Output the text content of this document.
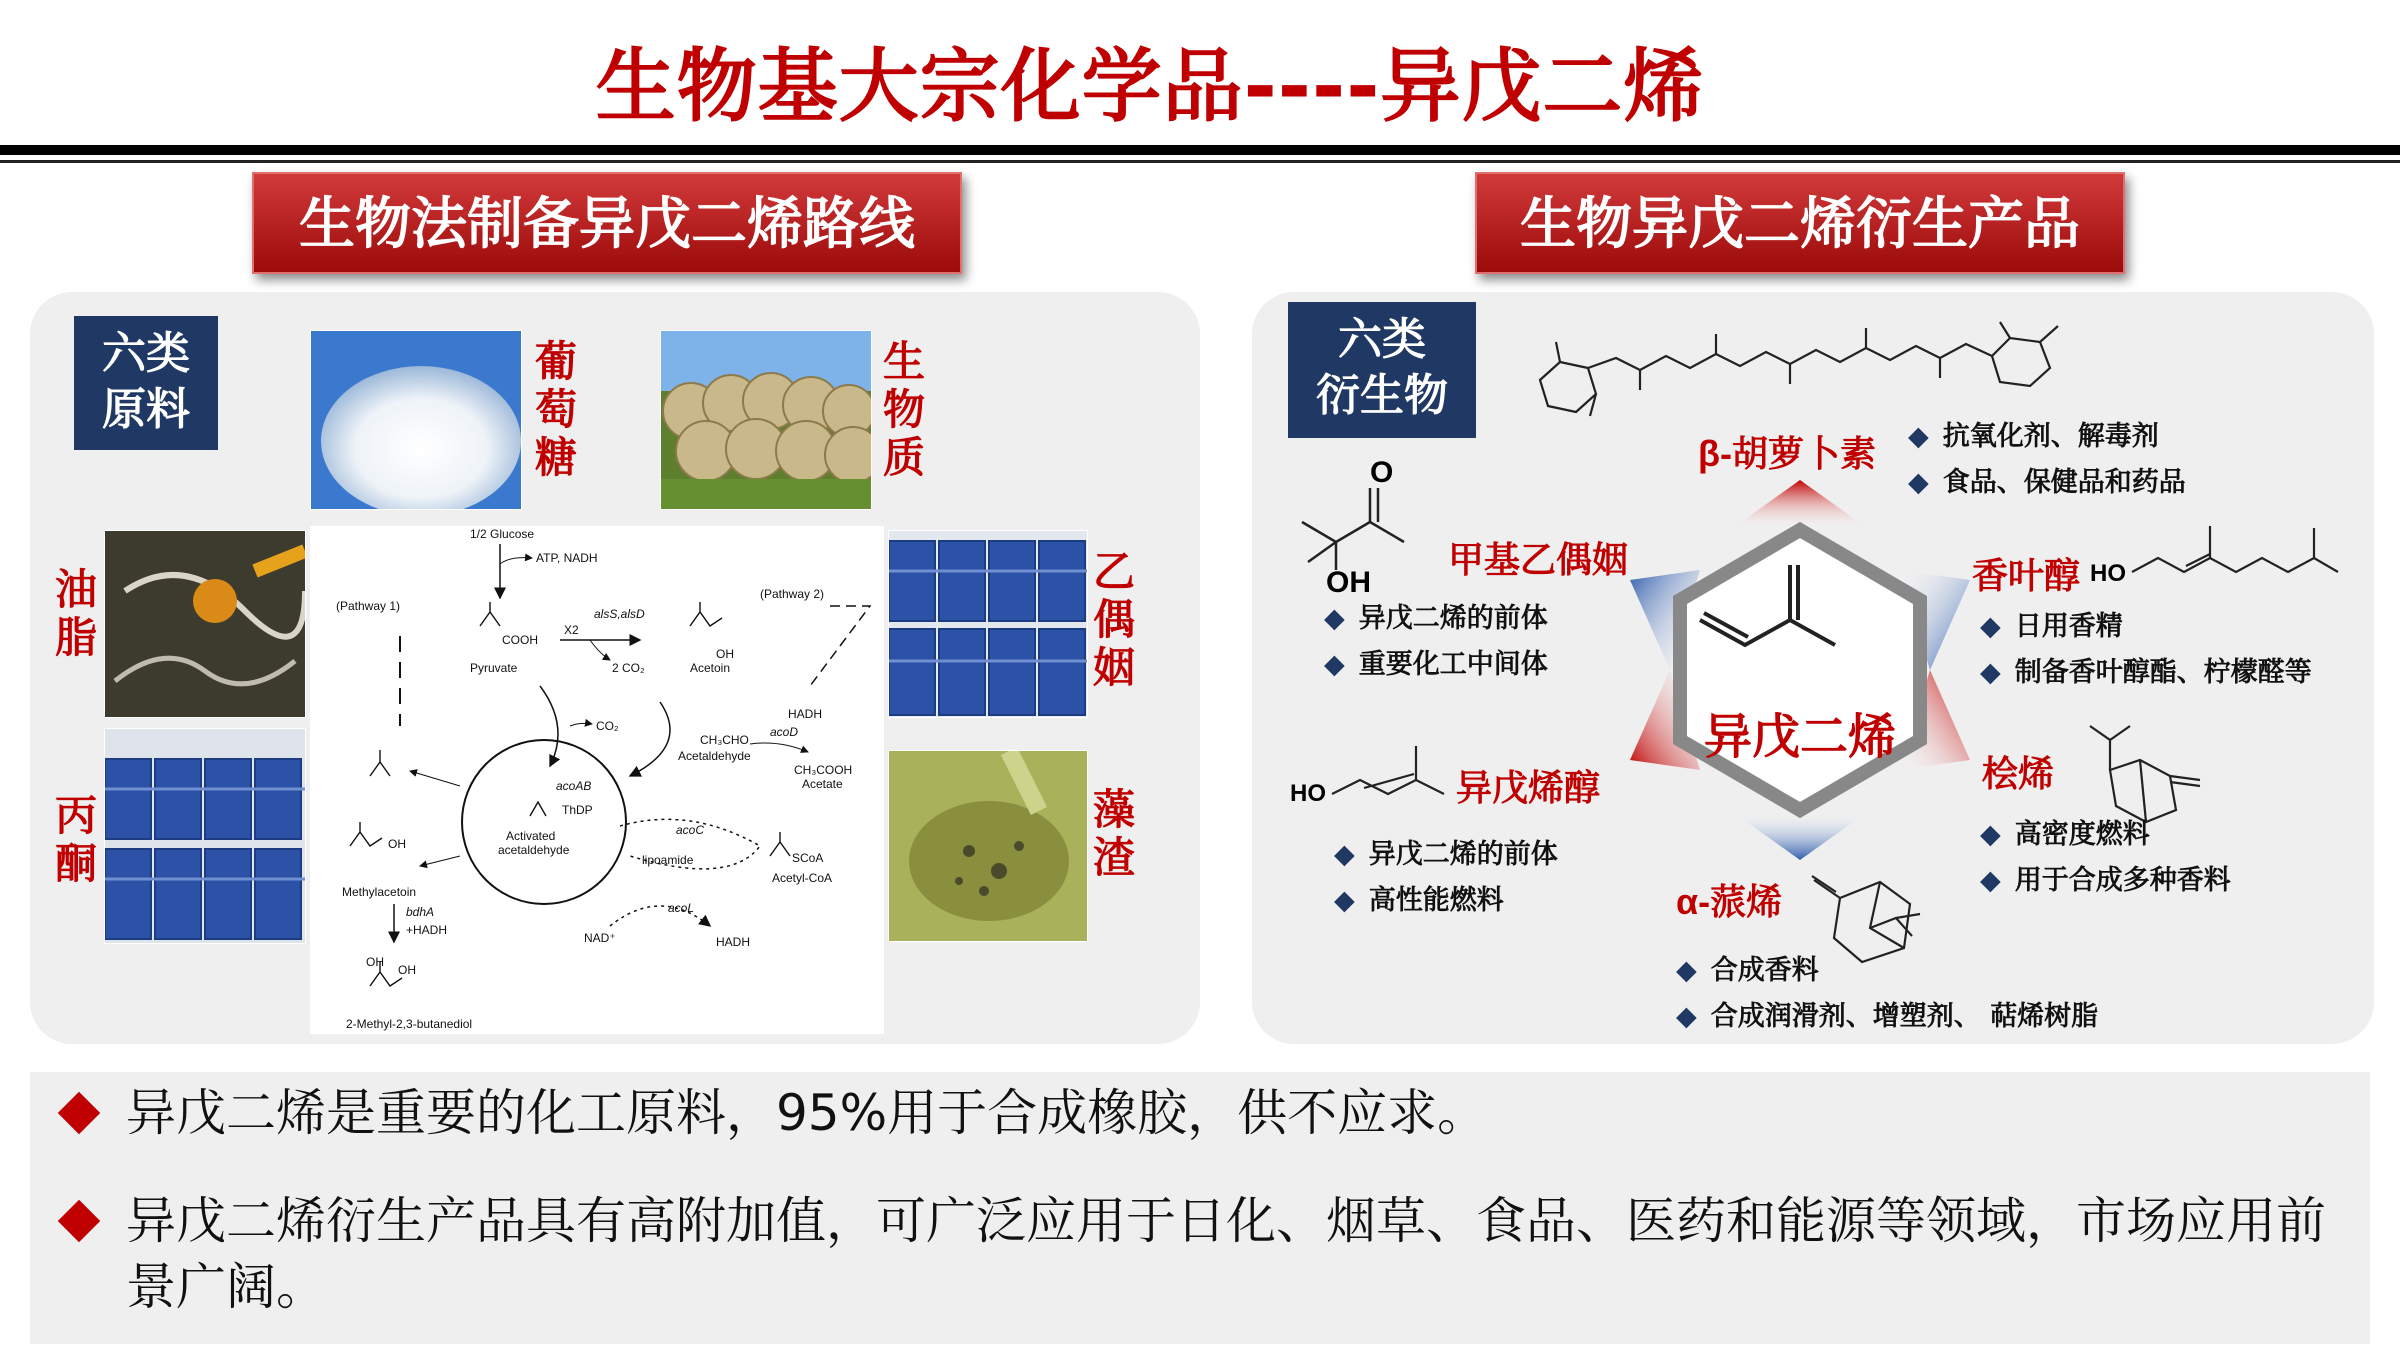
生物基大宗化学品----异戊二烯
生物法制备异戊二烯路线	生物异戊二烯衍生产品
六类
原料
葡萄糖
生物质
油脂
丙酮
乙偶姻
藻渣
1/2 Glucose
ATP, NADH
(Pathway 1)
(Pathway 2)
COOH
Pyruvate
X2
alsS,alsD
2 CO₂
OH
Acetoin
CO₂
HADH
CH₃CHO
Acetaldehyde
acoD
CH₃COOH
Acetate
acoAB
ThDP
Activated
acetaldehyde
OH
Methylacetoin
bdhA
+HADH
OH
OH
2-Methyl-2,3-butanediol
acoC
lipoamide	SCoA
Acetyl-CoA
acoL
NAD⁺	HADH
六类
衍生物
异戊二烯
β-胡萝卜素 ◆ 抗氧化剂、解毒剂
◆ 食品、保健品和药品
O
OH
甲基乙偶姻
◆ 异戊二烯的前体
◆ 重要化工中间体
香叶醇 HO
◆ 日用香精
◆ 制备香叶醇酯、柠檬醛等
HO	异戊烯醇
◆ 异戊二烯的前体
◆ 高性能燃料
桧烯
◆ 高密度燃料
◆ 用于合成多种香料
α-蒎烯
◆ 合成香料
◆ 合成润滑剂、增塑剂、 萜烯树脂
异戊二烯是重要的化工原料，95%用于合成橡胶，供不应求。
异戊二烯衍生产品具有高附加值，可广泛应用于日化、烟草、食品、医药和能源等领域，市场应用前景广阔。
